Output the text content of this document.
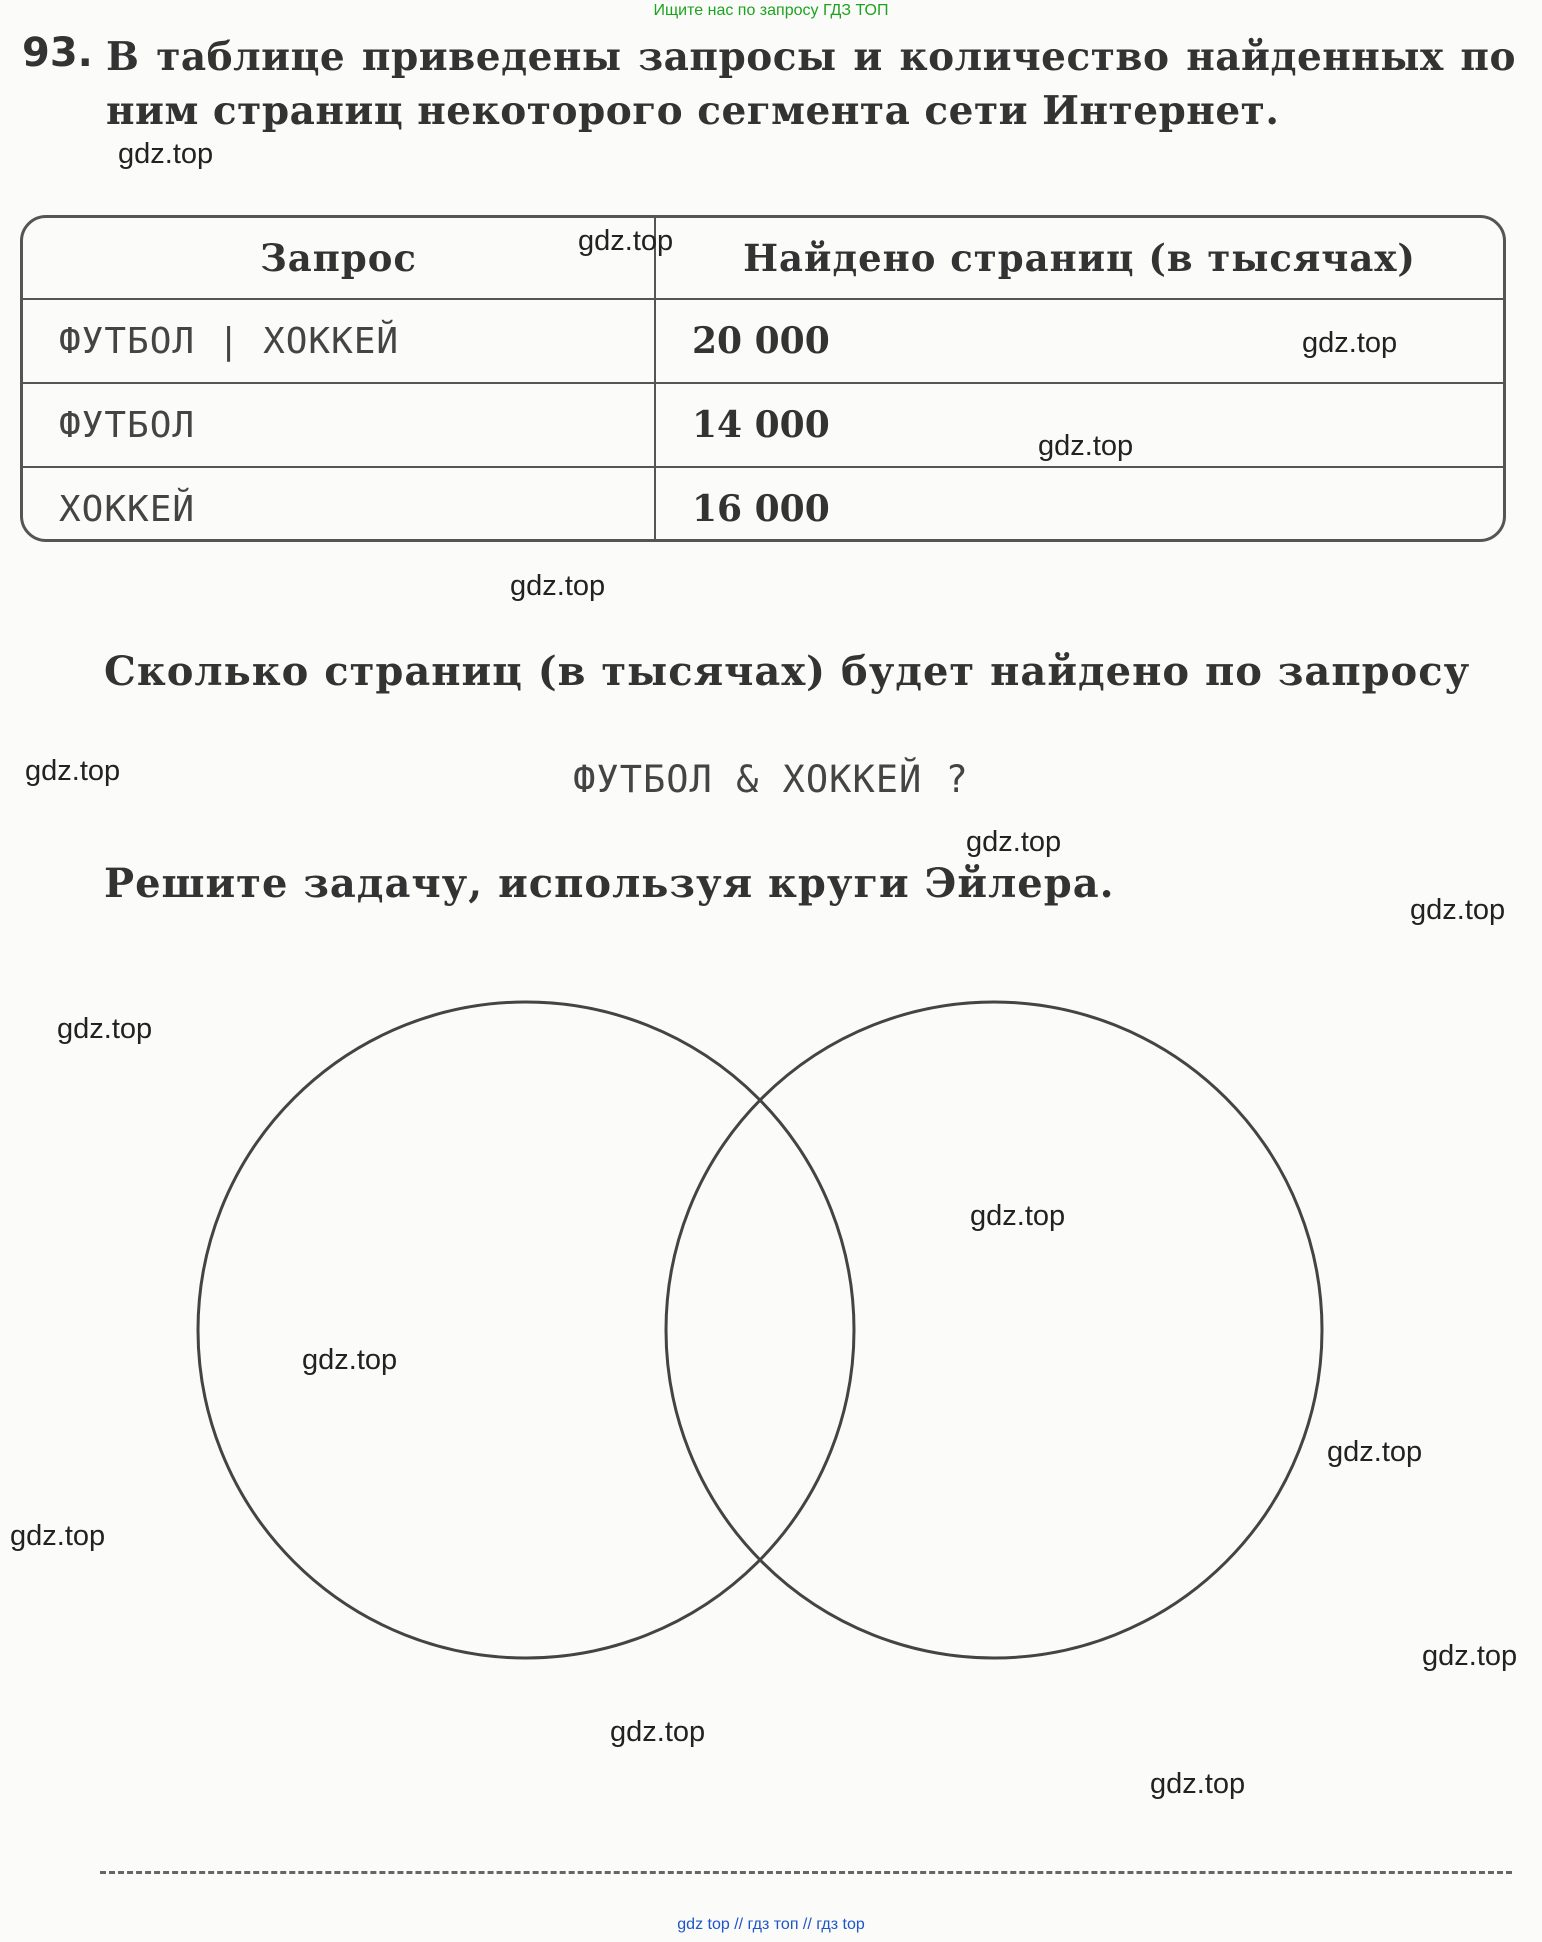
Ищите нас по запросу ГДЗ ТОП
93. В таблице приведены запросы и количество найденных по ним страниц некоторого сегмента сети Интернет.
Запрос	Найдено страниц (в тысячах)
ФУТБОЛ | ХОККЕЙ	20 000
ФУТБОЛ	14 000
ХОККЕЙ	16 000
Сколько страниц (в тысячах) будет найдено по запросу
ФУТБОЛ & ХОККЕЙ ?
Решите задачу, используя круги Эйлера.
gdz.top
gdz.top
gdz.top
gdz.top
gdz.top
gdz.top
gdz.top
gdz.top
gdz.top
gdz.top
gdz.top
gdz.top
gdz.top
gdz.top
gdz.top
gdz.top
gdz top // гдз топ // гдз top
